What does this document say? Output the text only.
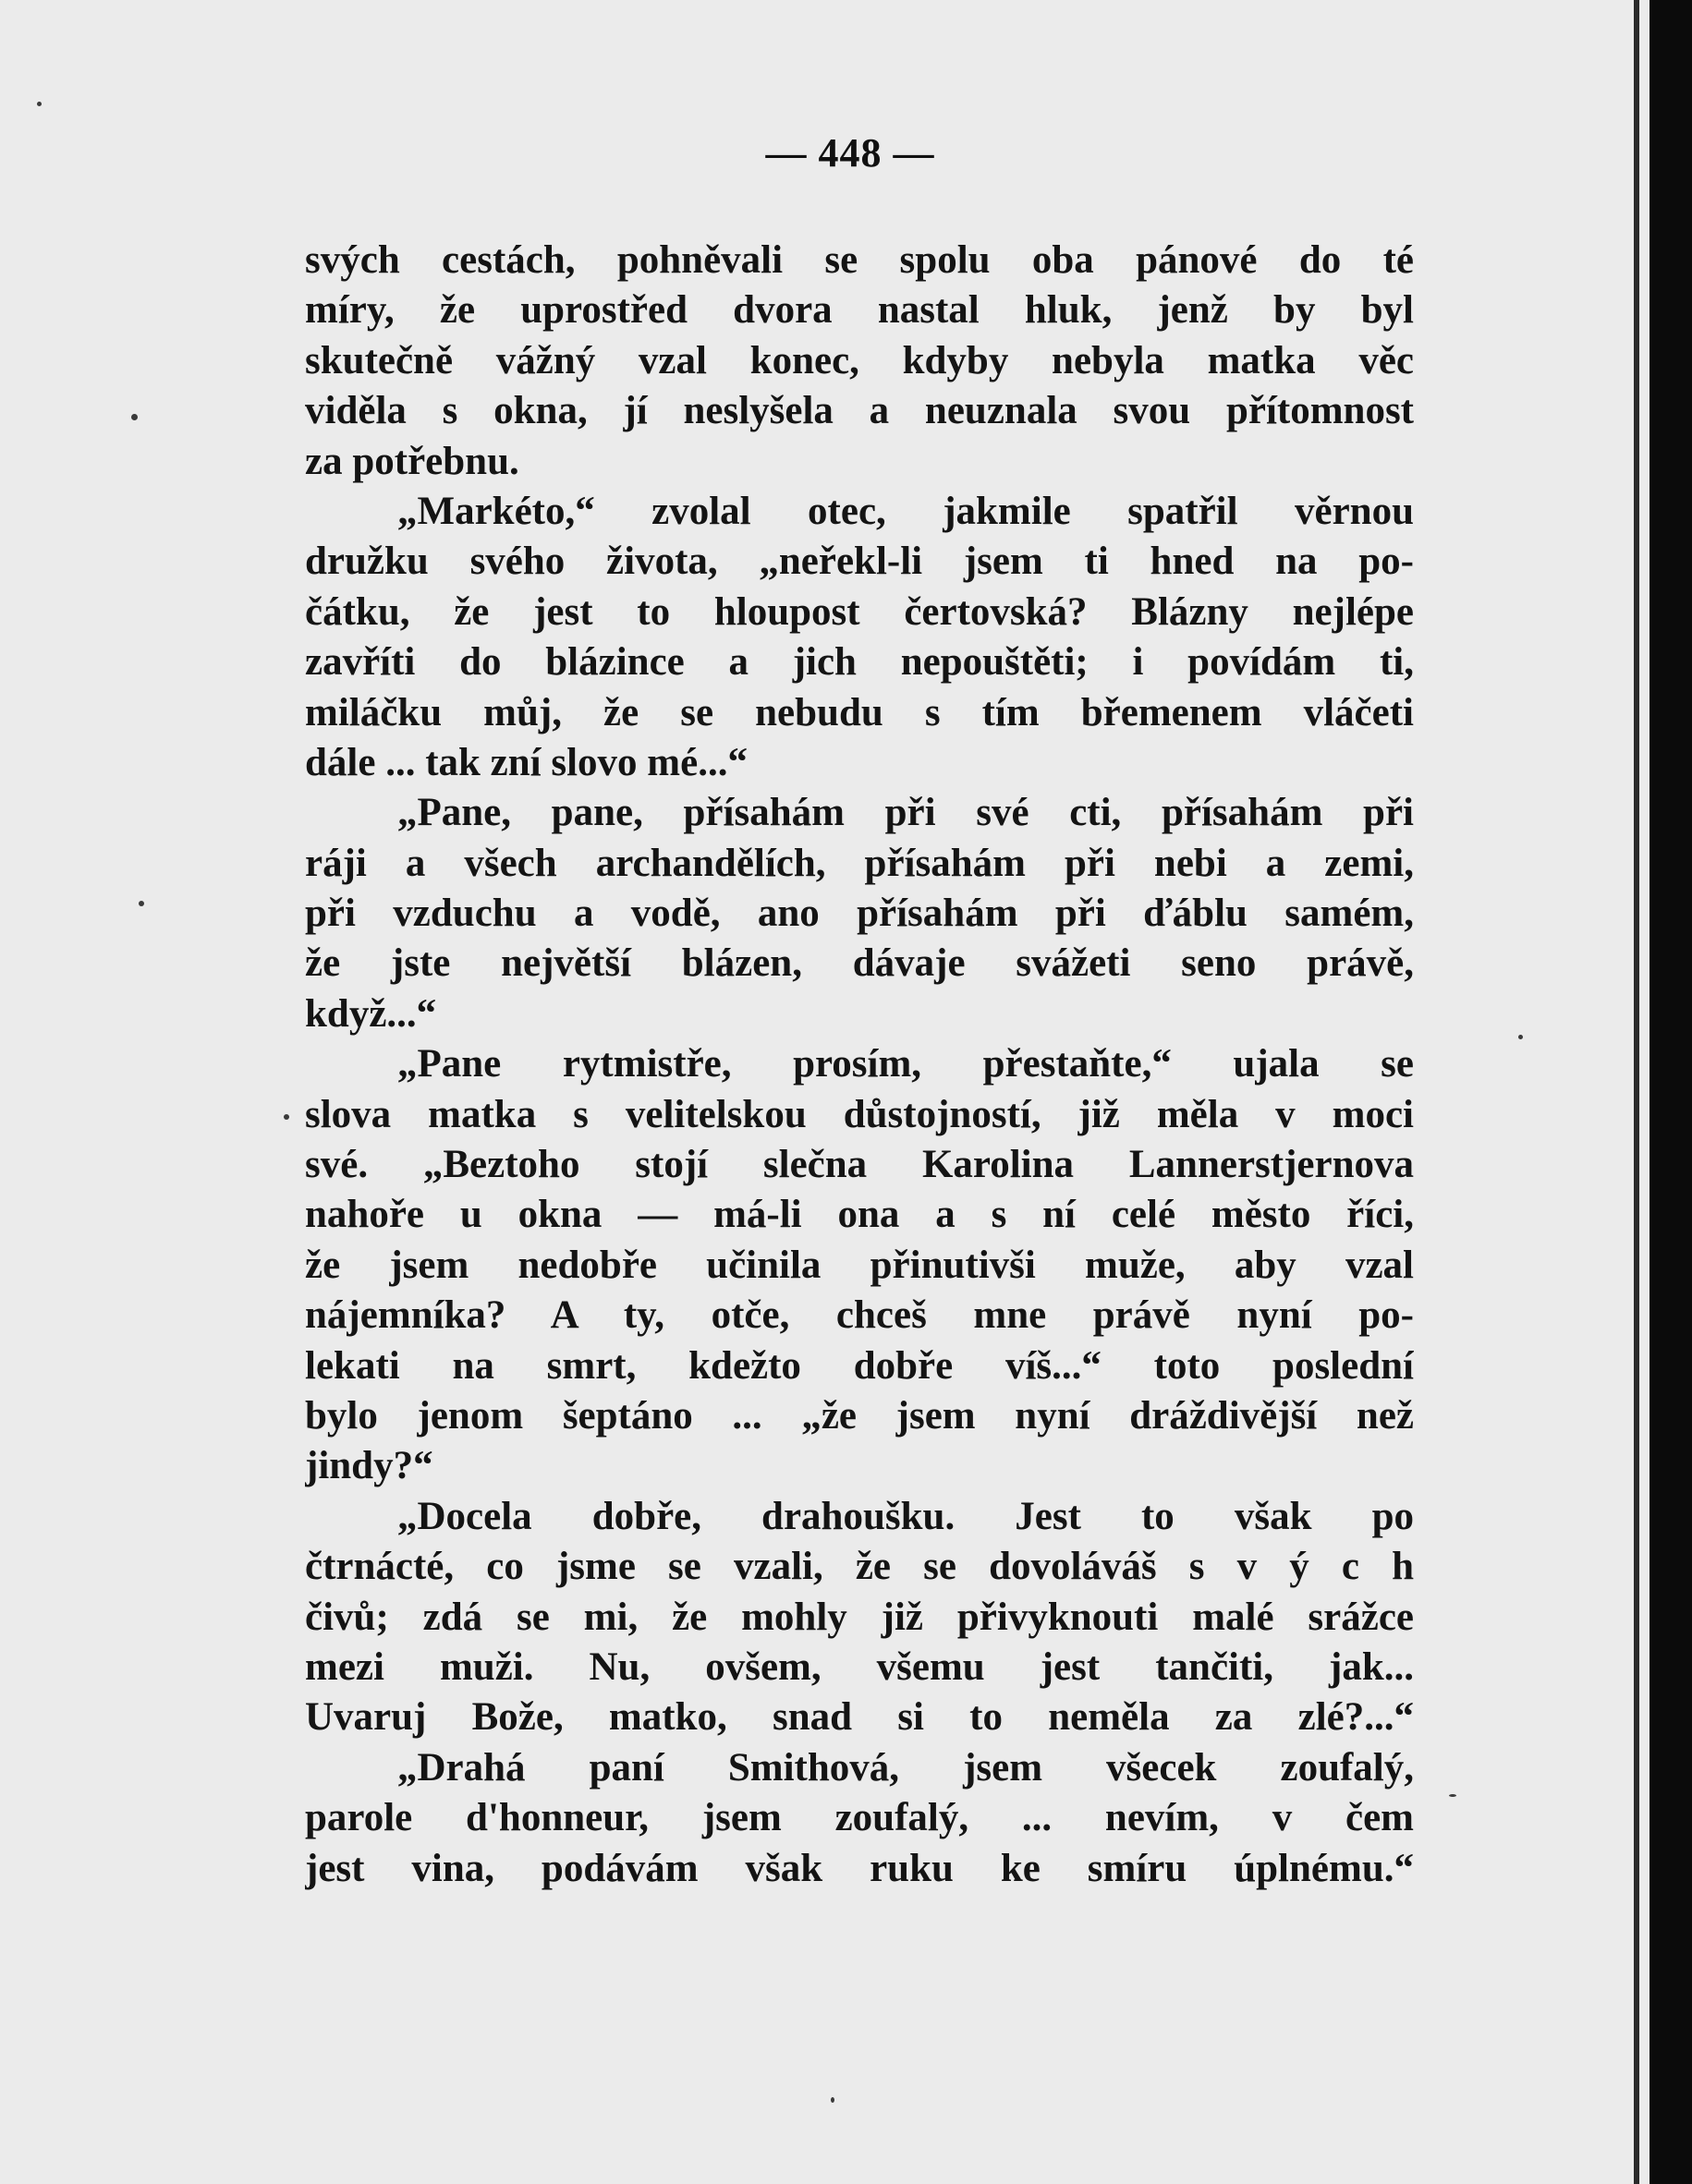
— 448 —
svých cestách, pohněvali se spolu oba pánové do té
míry, že uprostřed dvora nastal hluk, jenž by byl
skutečně vážný vzal konec, kdyby nebyla matka věc
viděla s okna, jí neslyšela a neuznala svou přítomnost
za potřebnu.
„Markéto,“ zvolal otec, jakmile spatřil věrnou
družku svého života, „neřekl-li jsem ti hned na po-
čátku, že jest to hloupost čertovská? Blázny nejlépe
zavříti do blázince a jich nepouštěti; i povídám ti,
miláčku můj, že se nebudu s tím břemenem vláčeti
dále ... tak zní slovo mé...“
„Pane, pane, přísahám při své cti, přísahám při
ráji a všech archandělích, přísahám při nebi a zemi,
při vzduchu a vodě, ano přísahám při ďáblu samém,
že jste největší blázen, dávaje svážeti seno právě,
když...“
„Pane rytmistře, prosím, přestaňte,“ ujala se
slova matka s velitelskou důstojností, již měla v moci
své. „Beztoho stojí slečna Karolina Lannerstjernova
nahoře u okna — má-li ona a s ní celé město říci,
že jsem nedobře učinila přinutivši muže, aby vzal
nájemníka? A ty, otče, chceš mne právě nyní po-
lekati na smrt, kdežto dobře víš...“ toto poslední
bylo jenom šeptáno ... „že jsem nyní dráždivější než
jindy?“
„Docela dobře, drahoušku. Jest to však po
čtrnácté, co jsme se vzali, že se dovoláváš s v ý c h
čivů; zdá se mi, že mohly již přivyknouti malé srážce
mezi muži. Nu, ovšem, všemu jest tančiti, jak...
Uvaruj Bože, matko, snad si to neměla za zlé?...“
„Drahá paní Smithová, jsem všecek zoufalý,
parole d'honneur, jsem zoufalý, ... nevím, v čem
jest vina, podávám však ruku ke smíru úplnému.“
